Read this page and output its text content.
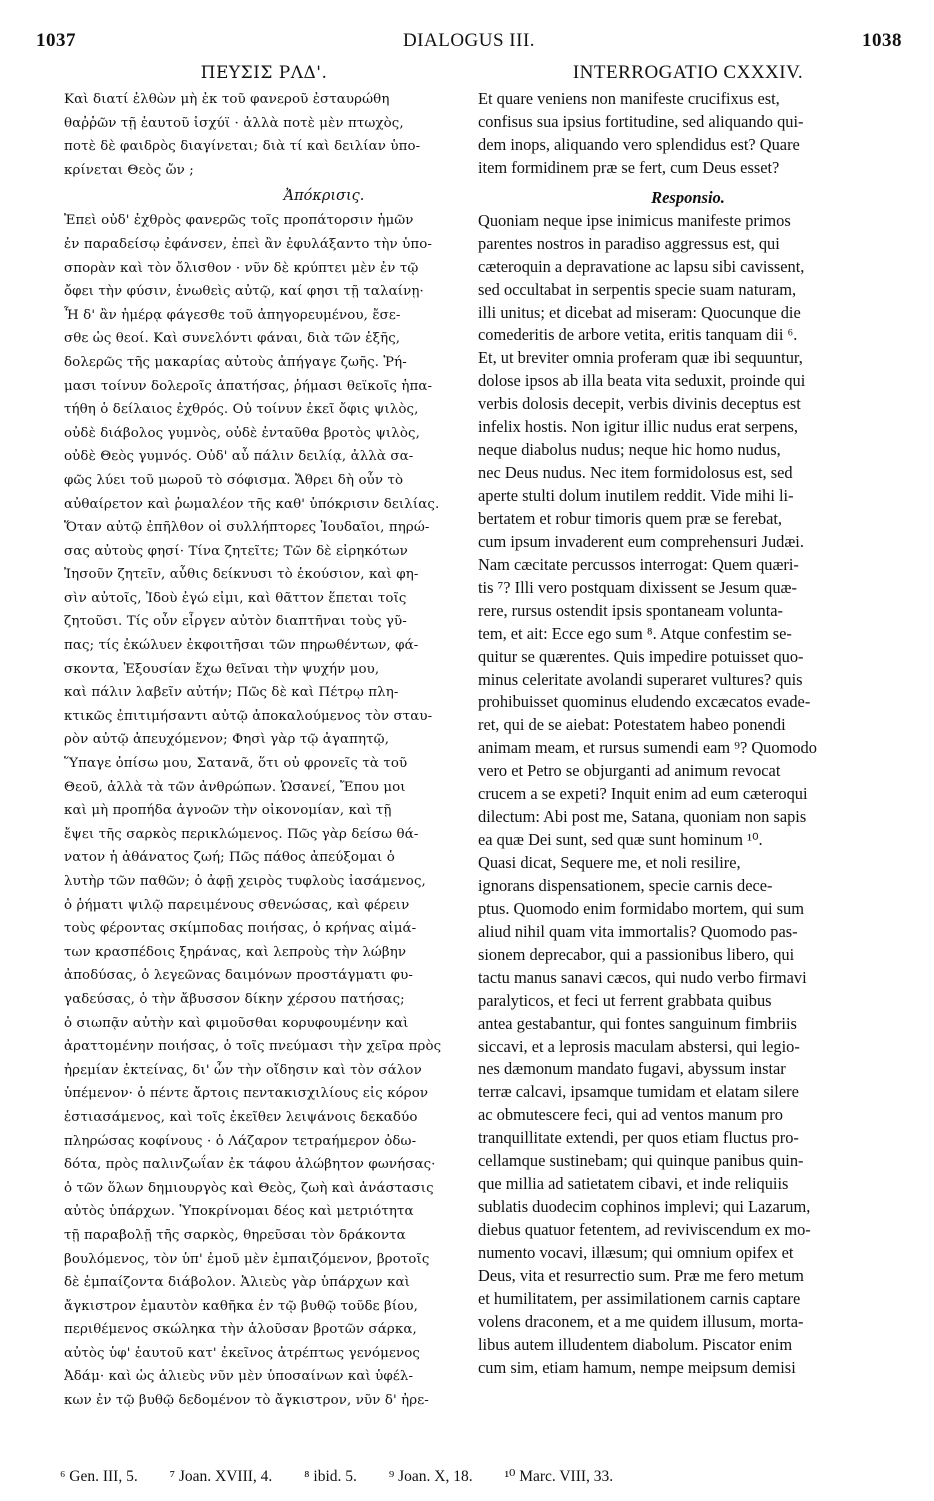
DIALOGUS III.
1037	1038
ΠΕΥΣΙΣ ΡΛΔ'.
Καὶ διατί ἐλθὼν μὴ ἐκ τοῦ φανεροῦ ἐσταυρώθη
θαῤῥῶν τῇ ἑαυτοῦ ἰσχύϊ · ἀλλὰ ποτὲ μὲν πτωχὸς,
ποτὲ δὲ φαιδρὸς διαγίνεται; διὰ τί καὶ δειλίαν ὑπο-
κρίνεται Θεὸς ὤν ;
Ἀπόκρισις.
Ἐπεὶ οὐδ' ἐχθρὸς φανερῶς τοῖς προπάτορσιν ἡμῶν
ἐν παραδείσῳ ἐφάνσεν, ἐπεὶ ἂν ἐφυλάξαντο τὴν ὑπο-
σπορὰν καὶ τὸν ὄλισθον · νῦν δὲ κρύπτει μὲν ἐν τῷ
ὄφει τὴν φύσιν, ἑνωθεὶς αὐτῷ, καί φησι τῇ ταλαίνῃ·
Ἦ δ' ἂν ἡμέρᾳ φάγεσθε τοῦ ἀπηγορευμένου, ἔσε-
σθε ὡς θεοί. Καὶ συνελόντι φάναι, διὰ τῶν ἑξῆς,
δολερῶς τῆς μακαρίας αὐτοὺς ἀπήγαγε ζωῆς. Ῥή-
μασι τοίνυν δολεροῖς ἀπατήσας, ῥήμασι θεϊκοῖς ἡπα-
τήθη ὁ δείλαιος ἐχθρός. Οὐ τοίνυν ἐκεῖ ὄφις ψιλὸς,
οὐδὲ διάβολος γυμνὸς, οὐδὲ ἐνταῦθα βροτὸς ψιλὸς,
οὐδὲ Θεὸς γυμνός. Οὐδ' αὖ πάλιν δειλίᾳ, ἀλλὰ σα-
φῶς λύει τοῦ μωροῦ τὸ σόφισμα. Ἄθρει δὴ οὖν τὸ
αὐθαίρετον καὶ ῥωμαλέον τῆς καθ' ὑπόκρισιν δειλίας.
Ὅταν αὐτῷ ἐπῆλθον οἱ συλλήπτορες Ἰουδαῖοι, πηρώ-
σας αὐτοὺς φησί· Τίνα ζητεῖτε; Τῶν δὲ εἰρηκότων
Ἰησοῦν ζητεῖν, αὖθις δείκνυσι τὸ ἑκούσιον, καὶ φη-
σὶν αὐτοῖς, Ἰδοὺ ἐγώ εἰμι, καὶ θᾶττον ἕπεται τοῖς
ζητοῦσι. Τίς οὖν εἶργεν αὐτὸν διαπτῆναι τοὺς γῦ-
πας; τίς ἐκώλυεν ἐκφοιτῆσαι τῶν πηρωθέντων, φά-
σκοντα, Ἐξουσίαν ἔχω θεῖναι τὴν ψυχήν μου,
καὶ πάλιν λαβεῖν αὐτήν; Πῶς δὲ καὶ Πέτρῳ πλη-
κτικῶς ἐπιτιμήσαντι αὐτῷ ἀποκαλούμενος τὸν σταυ-
ρὸν αὐτῷ ἀπευχόμενον; Φησὶ γὰρ τῷ ἀγαπητῷ,
Ὕπαγε ὀπίσω μου, Σατανᾶ, ὅτι οὐ φρονεῖς τὰ τοῦ
Θεοῦ, ἀλλὰ τὰ τῶν ἀνθρώπων. Ὡσανεί, Ἔπου μοι
καὶ μὴ προπήδα ἀγνοῶν τὴν οἰκονομίαν, καὶ τῇ
ἔψει τῆς σαρκὸς περικλώμενος. Πῶς γὰρ δείσω θά-
νατον ἡ ἀθάνατος ζωή; Πῶς πάθος ἀπεύξομαι ὁ
λυτὴρ τῶν παθῶν; ὁ ἀφῇ χειρὸς τυφλοὺς ἰασάμενος,
ὁ ῥήματι ψιλῷ παρειμένους σθενώσας, καὶ φέρειν
τοὺς φέροντας σκίμποδας ποιήσας, ὁ κρήνας αἱμά-
των κρασπέδοις ξηράνας, καὶ λεπροὺς τὴν λώβην
ἀποδύσας, ὁ λεγεῶνας δαιμόνων προστάγματι φυ-
γαδεύσας, ὁ τὴν ἄβυσσον δίκην χέρσου πατήσας;
ὁ σιωπᾷν αὐτὴν καὶ φιμοῦσθαι κορυφουμένην καὶ
ἀραττομένην ποιήσας, ὁ τοῖς πνεύμασι τὴν χεῖρα πρὸς
ἠρεμίαν ἐκτείνας, δι' ὧν τὴν οἴδησιν καὶ τὸν σάλον
ὑπέμενον· ὁ πέντε ἄρτοις πεντακισχιλίους εἰς κόρον
ἑστιασάμενος, καὶ τοῖς ἐκεῖθεν λειψάνοις δεκαδύο
πληρώσας κοφίνους · ὁ Λάζαρον τετραήμερον ὀδω-
δότα, πρὸς παλινζωΐαν ἐκ τάφου ἀλώβητον φωνήσας·
ὁ τῶν ὅλων δημιουργὸς καὶ Θεὸς, ζωὴ καὶ ἀνάστασις
αὐτὸς ὑπάρχων. Ὑποκρίνομαι δέος καὶ μετριότητα
τῇ παραβολῇ τῆς σαρκὸς, θηρεῦσαι τὸν δράκοντα
βουλόμενος, τὸν ὑπ' ἐμοῦ μὲν ἐμπαιζόμενον, βροτοῖς
δὲ ἐμπαίζοντα διάβολον. Ἁλιεὺς γὰρ ὑπάρχων καὶ
ἄγκιστρον ἐμαυτὸν καθῆκα ἐν τῷ βυθῷ τοῦδε βίου,
περιθέμενος σκώληκα τὴν ἁλοῦσαν βροτῶν σάρκα,
αὐτὸς ὑφ' ἑαυτοῦ κατ' ἐκεῖνος ἀτρέπτως γενόμενος
Ἀδάμ· καὶ ὡς ἁλιεὺς νῦν μὲν ὑποσαίνων καὶ ὑφέλ-
κων ἐν τῷ βυθῷ δεδομένον τὸ ἄγκιστρον, νῦν δ' ἠρε-
INTERROGATIO CXXXIV.
Et quare veniens non manifeste crucifixus est,
confisus sua ipsius fortitudine, sed aliquando qui-
dem inops, aliquando vero splendidus est? Quare
item formidinem præ se fert, cum Deus esset?
Responsio.
Quoniam neque ipse inimicus manifeste primos
parentes nostros in paradiso aggressus est, qui
cæteroquin a depravatione ac lapsu sibi cavissent,
sed occultabat in serpentis specie suam naturam,
illi unitus; et dicebat ad miseram: Quocunque die
comederitis de arbore vetita, eritis tanquam dii ⁶.
Et, ut breviter omnia proferam quæ ibi sequuntur,
dolose ipsos ab illa beata vita seduxit, proinde qui
verbis dolosis decepit, verbis divinis deceptus est
infelix hostis. Non igitur illic nudus erat serpens,
neque diabolus nudus; neque hic homo nudus,
nec Deus nudus. Nec item formidolosus est, sed
aperte stulti dolum inutilem reddit. Vide mihi li-
bertatem et robur timoris quem præ se ferebat,
cum ipsum invaderent eum comprehensuri Judæi.
Nam cæcitate percussos interrogat: Quem quæri-
tis ⁷? Illi vero postquam dixissent se Jesum quæ-
rere, rursus ostendit ipsis spontaneam volunta-
tem, et ait: Ecce ego sum ⁸. Atque confestim se-
quitur se quærentes. Quis impedire potuisset quo-
minus celeritate avolandi superaret vultures? quis
prohibuisset quominus eludendo excæcatos evade-
ret, qui de se aiebat: Potestatem habeo ponendi
animam meam, et rursus sumendi eam ⁹? Quomodo
vero et Petro se objurganti ad animum revocat
crucem a se expeti? Inquit enim ad eum cæteroqui
dilectum: Abi post me, Satana, quoniam non sapis
ea quæ Dei sunt, sed quæ sunt hominum ¹⁰.
Quasi dicat, Sequere me, et noli resilire,
ignorans dispensationem, specie carnis dece-
ptus. Quomodo enim formidabo mortem, qui sum
aliud nihil quam vita immortalis? Quomodo pas-
sionem deprecabor, qui a passionibus libero, qui
tactu manus sanavi cæcos, qui nudo verbo firmavi
paralyticos, et feci ut ferrent grabbata quibus
antea gestabantur, qui fontes sanguinum fimbriis
siccavi, et a leprosis maculam abstersi, qui legio-
nes dæmonum mandato fugavi, abyssum instar
terræ calcavi, ipsamque tumidam et elatam silere
ac obmutescere feci, qui ad ventos manum pro
tranquillitate extendi, per quos etiam fluctus pro-
cellamque sustinebam; qui quinque panibus quin-
que millia ad satietatem cibavi, et inde reliquiis
sublatis duodecim cophinos implevi; qui Lazarum,
diebus quatuor fetentem, ad reviviscendum ex mo-
numento vocavi, illæsum; qui omnium opifex et
Deus, vita et resurrectio sum. Præ me fero metum
et humilitatem, per assimilationem carnis captare
volens draconem, et a me quidem illusum, morta-
libus autem illudentem diabolum. Piscator enim
cum sim, etiam hamum, nempe meipsum demisi
⁶ Gen. III, 5. ⁷ Joan. XVIII, 4. ⁸ ibid. 5. ⁹ Joan. X, 18. ¹⁰ Marc. VIII, 33.
